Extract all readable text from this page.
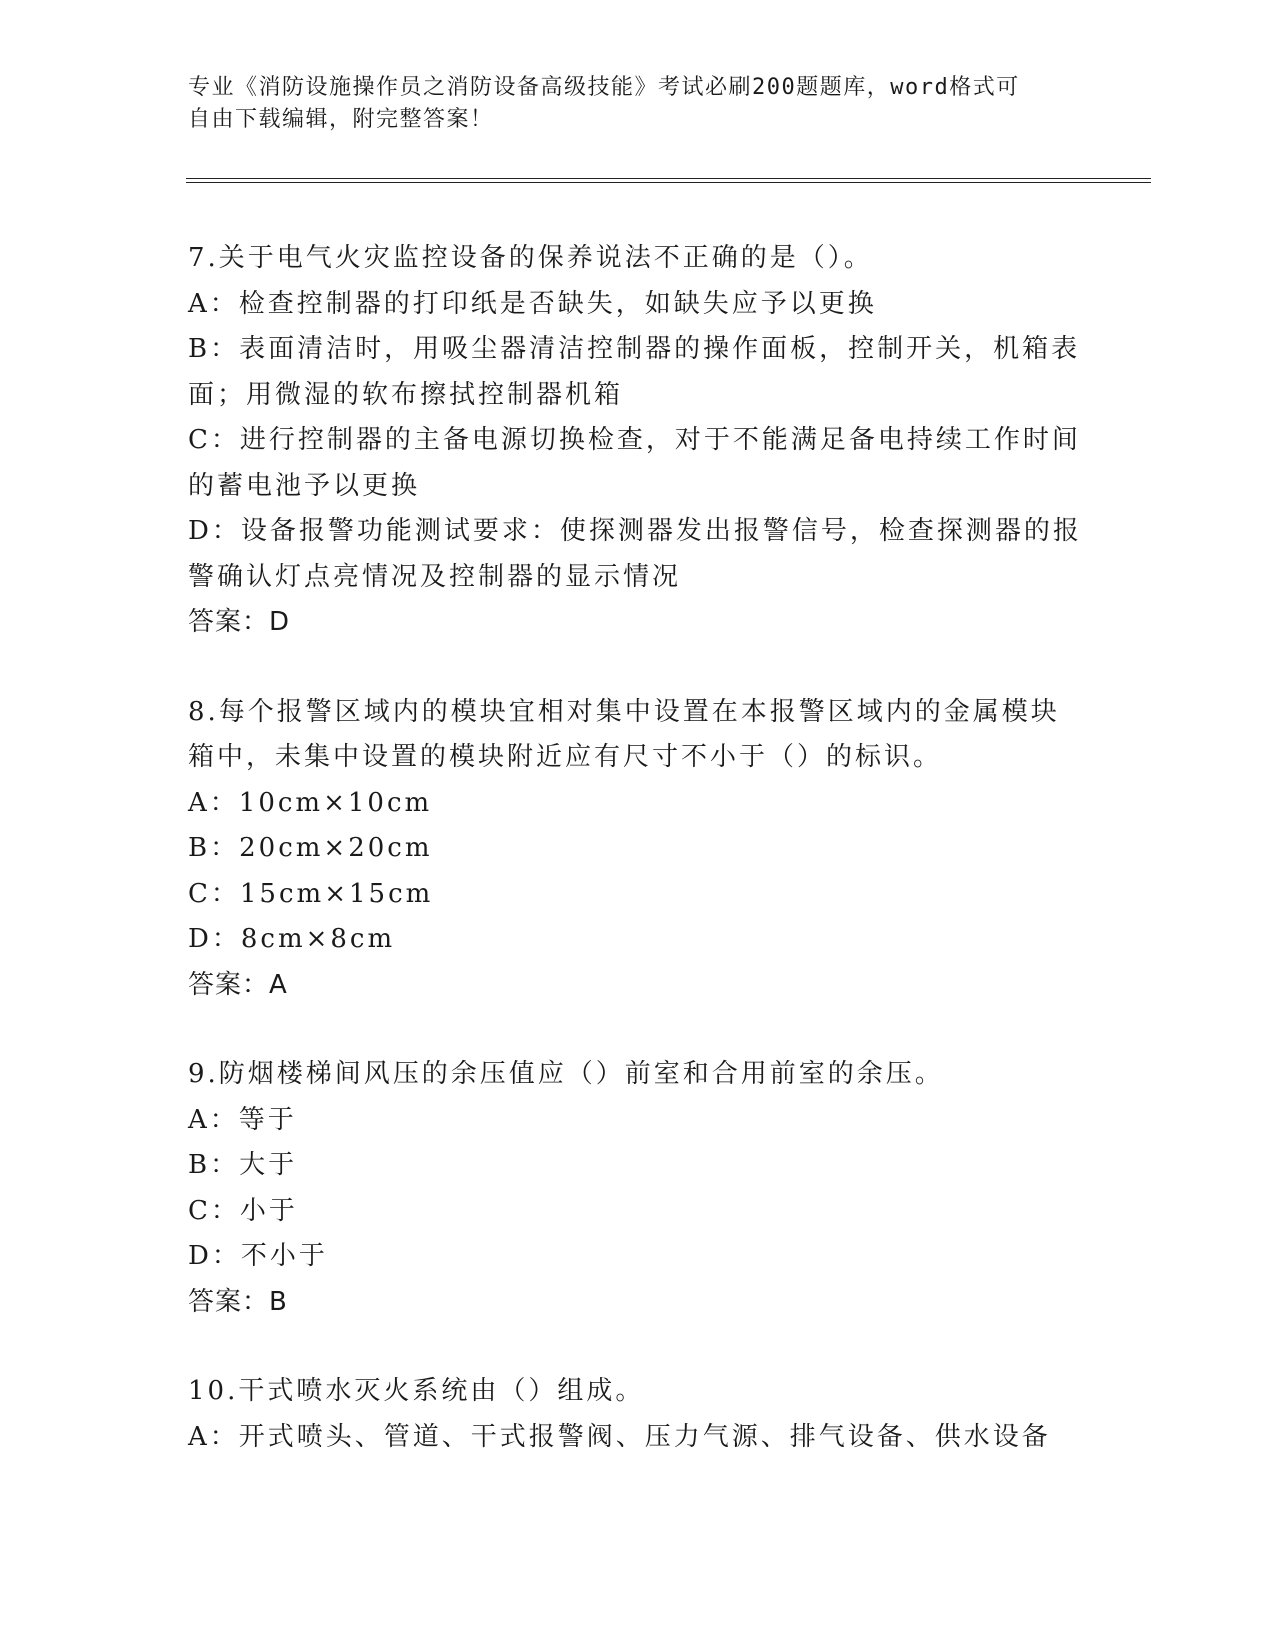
专业《消防设施操作员之消防设备高级技能》考试必刷200题题库，word格式可
自由下载编辑，附完整答案！
7.关于电气火灾监控设备的保养说法不正确的是（）。
A：检查控制器的打印纸是否缺失，如缺失应予以更换
B：表面清洁时，用吸尘器清洁控制器的操作面板，控制开关，机箱表
面；用微湿的软布擦拭控制器机箱
C：进行控制器的主备电源切换检查，对于不能满足备电持续工作时间
的蓄电池予以更换
D：设备报警功能测试要求：使探测器发出报警信号，检查探测器的报
警确认灯点亮情况及控制器的显示情况
答案：D
8.每个报警区域内的模块宜相对集中设置在本报警区域内的金属模块
箱中，未集中设置的模块附近应有尺寸不小于（）的标识。
A：10cm×10cm
B：20cm×20cm
C：15cm×15cm
D：8cm×8cm
答案：A
9.防烟楼梯间风压的余压值应（）前室和合用前室的余压。
A：等于
B：大于
C：小于
D：不小于
答案：B
10.干式喷水灭火系统由（）组成。
A：开式喷头、管道、干式报警阀、压力气源、排气设备、供水设备
